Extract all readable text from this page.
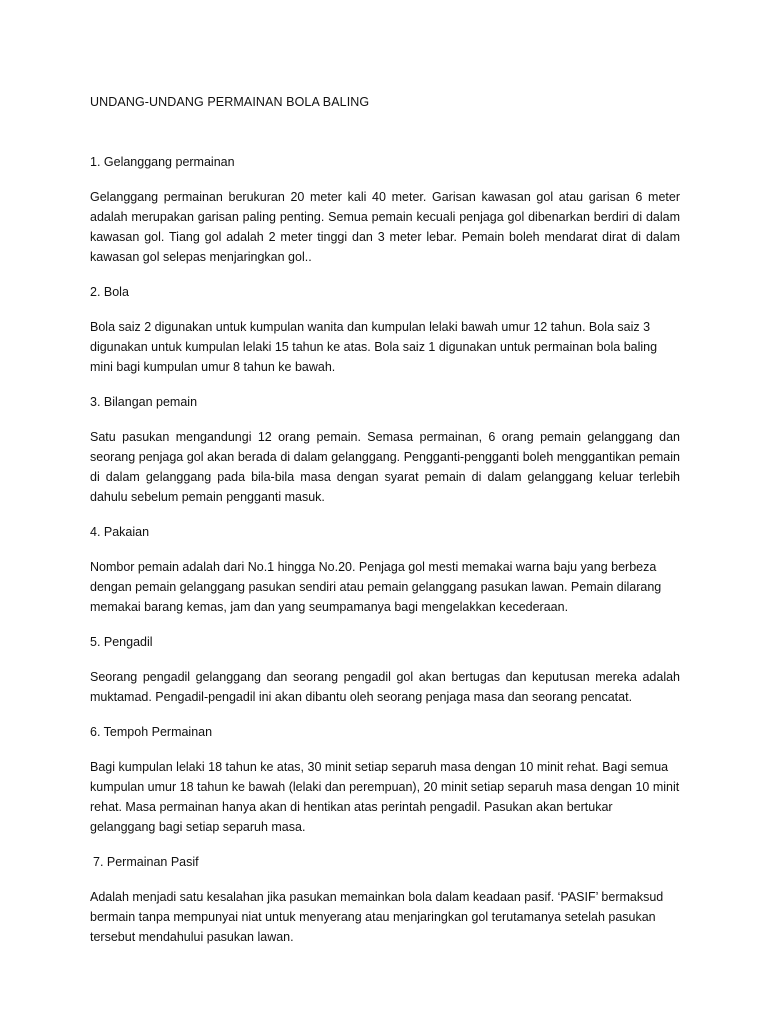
UNDANG-UNDANG PERMAINAN BOLA BALING

1. Gelanggang permainan

Gelanggang permainan berukuran 20 meter kali 40 meter. Garisan kawasan gol atau garisan 6 meter adalah merupakan garisan paling penting. Semua pemain kecuali penjaga gol dibenarkan berdiri di dalam kawasan gol. Tiang gol adalah 2 meter tinggi dan 3 meter lebar. Pemain boleh mendarat dirat di dalam kawasan gol selepas menjaringkan gol..

2. Bola

Bola saiz 2 digunakan untuk kumpulan wanita dan kumpulan lelaki bawah umur 12 tahun. Bola saiz 3 digunakan untuk kumpulan lelaki 15 tahun ke atas. Bola saiz 1 digunakan untuk permainan bola baling mini bagi kumpulan umur 8 tahun ke bawah.

3. Bilangan pemain

Satu pasukan mengandungi 12 orang pemain. Semasa permainan, 6 orang pemain gelanggang dan seorang penjaga gol akan berada di dalam gelanggang. Pengganti-pengganti boleh menggantikan pemain di dalam gelanggang pada bila-bila masa dengan syarat pemain di dalam gelanggang keluar terlebih dahulu sebelum pemain pengganti masuk.

4. Pakaian

Nombor pemain adalah dari No.1 hingga No.20. Penjaga gol mesti memakai warna baju yang berbeza dengan pemain gelanggang pasukan sendiri atau pemain gelanggang pasukan lawan. Pemain dilarang memakai barang kemas, jam dan yang seumpamanya bagi mengelakkan kecederaan.

5. Pengadil

Seorang pengadil gelanggang dan seorang pengadil gol akan bertugas dan keputusan mereka adalah muktamad. Pengadil-pengadil ini akan dibantu oleh seorang penjaga masa dan seorang pencatat.

6. Tempoh Permainan

Bagi kumpulan lelaki 18 tahun ke atas, 30 minit setiap separuh masa dengan 10 minit rehat. Bagi semua kumpulan umur 18 tahun ke bawah (lelaki dan perempuan), 20 minit setiap separuh masa dengan 10 minit rehat. Masa permainan hanya akan di hentikan atas perintah pengadil. Pasukan akan bertukar gelanggang bagi setiap separuh masa.

7. Permainan Pasif

Adalah menjadi satu kesalahan jika pasukan memainkan bola dalam keadaan pasif. ‘PASIF’ bermaksud bermain tanpa mempunyai niat untuk menyerang atau menjaringkan gol terutamanya setelah pasukan tersebut mendahului pasukan lawan.
